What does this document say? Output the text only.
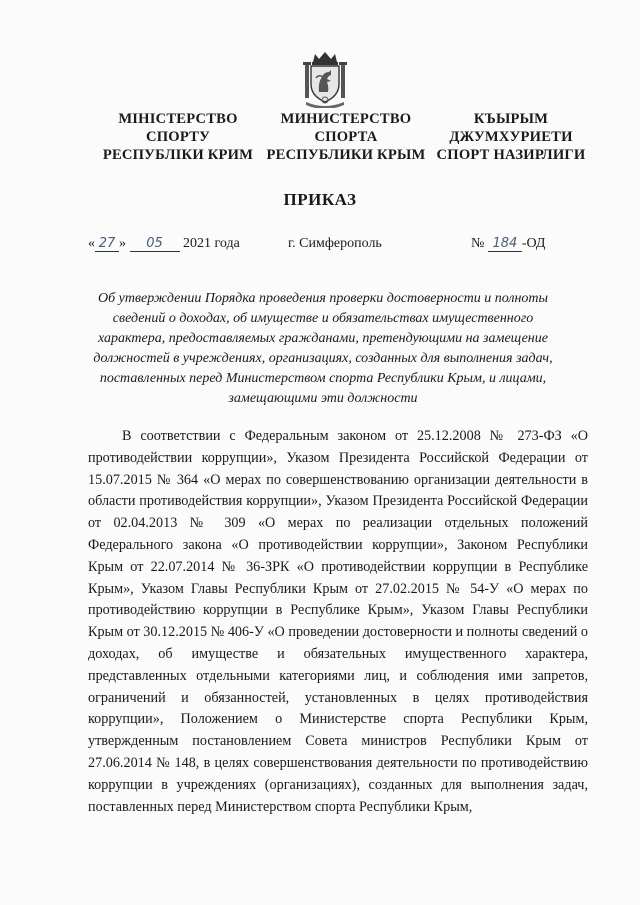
МІНІСТЕРСТВО
СПОРТУ
РЕСПУБЛІКИ КРИМ
МИНИСТЕРСТВО
СПОРТА
РЕСПУБЛИКИ КРЫМ
КЪЫРЫМ
ДЖУМХУРИЕТИ
СПОРТ НАЗИРЛИГИ
ПРИКАЗ
« 27 » 05 2021 года	г. Симферополь	№ 184 -ОД
Об утверждении Порядка проведения проверки достоверности и полноты сведений о доходах, об имуществе и обязательствах имущественного характера, предоставляемых гражданами, претендующими на замещение должностей в учреждениях, организациях, созданных для выполнения задач, поставленных перед Министерством спорта Республики Крым, и лицами, замещающими эти должности

В соответствии с Федеральным законом от 25.12.2008 № 273-ФЗ «О противодействии коррупции», Указом Президента Российской Федерации от 15.07.2015 № 364 «О мерах по совершенствованию организации деятельности в области противодействия коррупции», Указом Президента Российской Федерации от 02.04.2013 № 309 «О мерах по реализации отдельных положений Федерального закона «О противодействии коррупции», Законом Республики Крым от 22.07.2014 № 36-ЗРК «О противодействии коррупции в Республике Крым», Указом Главы Республики Крым от 27.02.2015 № 54-У «О мерах по противодействию коррупции в Республике Крым», Указом Главы Республики Крым от 30.12.2015 № 406-У «О проведении достоверности и полноты сведений о доходах, об имуществе и обязательных имущественного характера, представленных отдельными категориями лиц, и соблюдения ими запретов, ограничений и обязанностей, установленных в целях противодействия коррупции», Положением о Министерстве спорта Республики Крым, утвержденным постановлением Совета министров Республики Крым от 27.06.2014 № 148, в целях совершенствования деятельности по противодействию коррупции в учреждениях (организациях), созданных для выполнения задач, поставленных перед Министерством спорта Республики Крым,
